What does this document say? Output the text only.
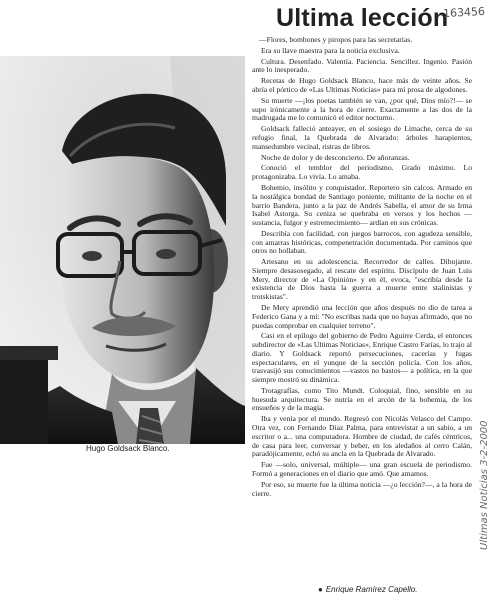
Ultima lección
163456
Hugo Goldsack Blanco.

—Flores, bombones y piropos para las secretarias.

Era su llave maestra para la noticia exclusiva.

Cultura. Desenfado. Valentía. Paciencia. Sencillez. Ingenio. Pasión ante lo inesperado.

Recetas de Hugo Goldsack Blanco, hace más de veinte años. Se abría el pórtico de «Las Ultimas Noticias» para mi prosa de algodones.

Su muerte —¡los poetas también se van, ¿por qué, Dios mío?!— se supo irónicamente a la hora de cierre. Exactamente a las dos de la madrugada me lo comunicó el editor nocturno.

Goldsack falleció anteayer, en el sosiego de Limache, cerca de su refugio final, la Quebrada de Alvarado: árboles harapientos, mansedumbre vecinal, ristras de libros.

Noche de dolor y de desconcierto. De añoranzas.

Conoció el temblor del periodismo. Grado máximo. Lo protagonizaba. Lo vivía. Lo amaba.

Bohemio, insólito y conquistador. Reportero sin calcos. Armado en la nostálgica bondad de Santiago poniente, militante de la noche en el barrio Bandera, junto a la paz de Andrés Sabella, el amor de su Irma Isabel Astorga. Su ceniza se quebraba en versos y los hechos —sustancia, fulgor y estremecimiento— ardían en sus crónicas.

Describía con facilidad, con juegos barrocos, con agudeza sensible, con amarras históricas, compenetración documentada. Por caminos que otros no hollaban.

Artesano en su adolescencia. Recorredor de calles. Dibujante. Siempre desasosegado, al rescate del espíritu. Discípulo de Juan Luis Mery, director de «La Opinión» y en él, evoca, "escribía desde la existencia de Dios hasta la guerra a muerte entre stalinistas y trotskistas".

De Mery aprendió una lección que años después no dio de tarea a Federico Gana y a mí: "No escribas nada que no hayas afirmado, que no puedas comprobar en cualquier terreno".

Casi en el epílogo del gobierno de Pedro Aguirre Cerda, el entonces subdirector de «Las Ultimas Noticias», Enrique Castro Farías, lo trajo al diario. Y Goldsack reportó persecuciones, cacerías y fugas espectaculares, en el yunque de la sección policía. Con los años, trasvasijó sus conocimientos —vastos no bastos— a política, en la que siempre mostró su dinámica.

Trotagrafías, como Tito Mundt. Coloquial, fino, sensible en su huesuda arquitectura. Se nutría en el arcón de la bohemia, de los ensueños y de la magia.

Iba y venía por el mundo. Regresó con Nicolás Velasco del Campo. Otra vez, con Fernando Díaz Palma, para entrevistar a un sabio, a un escritor o a... una computadora. Hombre de ciudad, de cafés céntricos, de casa para leer, conversar y beber, en los aledaños al cerro Calán, paradójicamente, echó su ancla en la Quebrada de Alvarado.

Fue —solo, universal, múltiple— una gran escuela de periodismo. Formó a generaciones en el diario que amó. Que amamos.

Por eso, su muerte fue la última noticia —¿o lección?—, a la hora de cierre.	Ultimas Noticias 3-2-2000
● Enrique Ramírez Capello.
